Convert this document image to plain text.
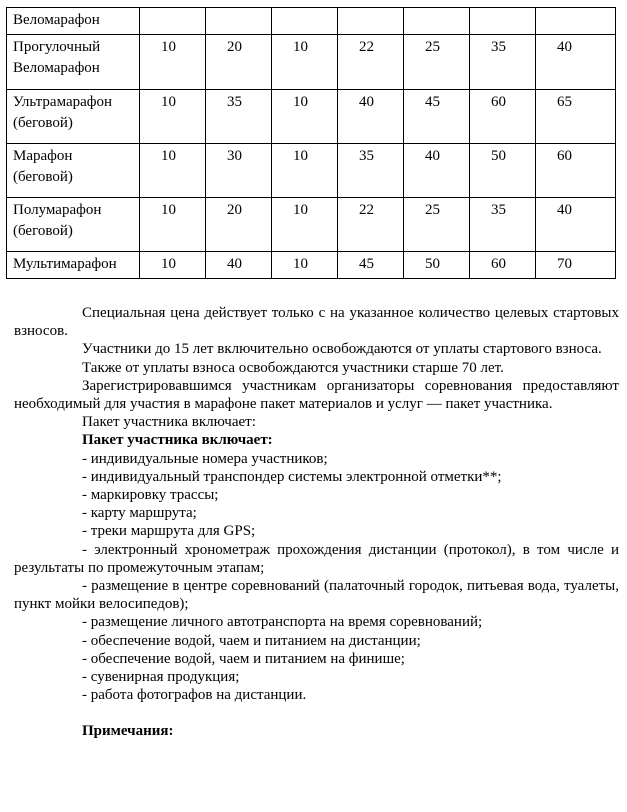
Веломарафон							
Прогулочный Веломарафон	10	20	10	22	25	35	40
Ультрамарафон (беговой)	10	35	10	40	45	60	65
Марафон (беговой)	10	30	10	35	40	50	60
Полумарафон (беговой)	10	20	10	22	25	35	40
Мультимарафон	10	40	10	45	50	60	70

Специальная цена действует только с на указанное количество целевых стартовых взносов.

Участники до 15 лет включительно освобождаются от уплаты стартового взноса.

Также от уплаты взноса освобождаются участники старше 70 лет.

Зарегистрировавшимся участникам организаторы соревнования предоставляют необходимый для участия в марафоне пакет материалов и услуг — пакет участника.

Пакет участника включает:

Пакет участника включает:

- индивидуальные номера участников;

- индивидуальный транспондер системы электронной отметки**;

- маркировку трассы;

- карту маршрута;

- треки маршрута для GPS;

- электронный хронометраж прохождения дистанции (протокол), в том числе и результаты по промежуточным этапам;

- размещение в центре соревнований (палаточный городок, питьевая вода, туалеты, пункт мойки велосипедов);

- размещение личного автотранспорта на время соревнований;

- обеспечение водой, чаем и питанием на дистанции;

- обеспечение водой, чаем и питанием на финише;

- сувенирная продукция;

- работа фотографов на дистанции.

Примечания:
